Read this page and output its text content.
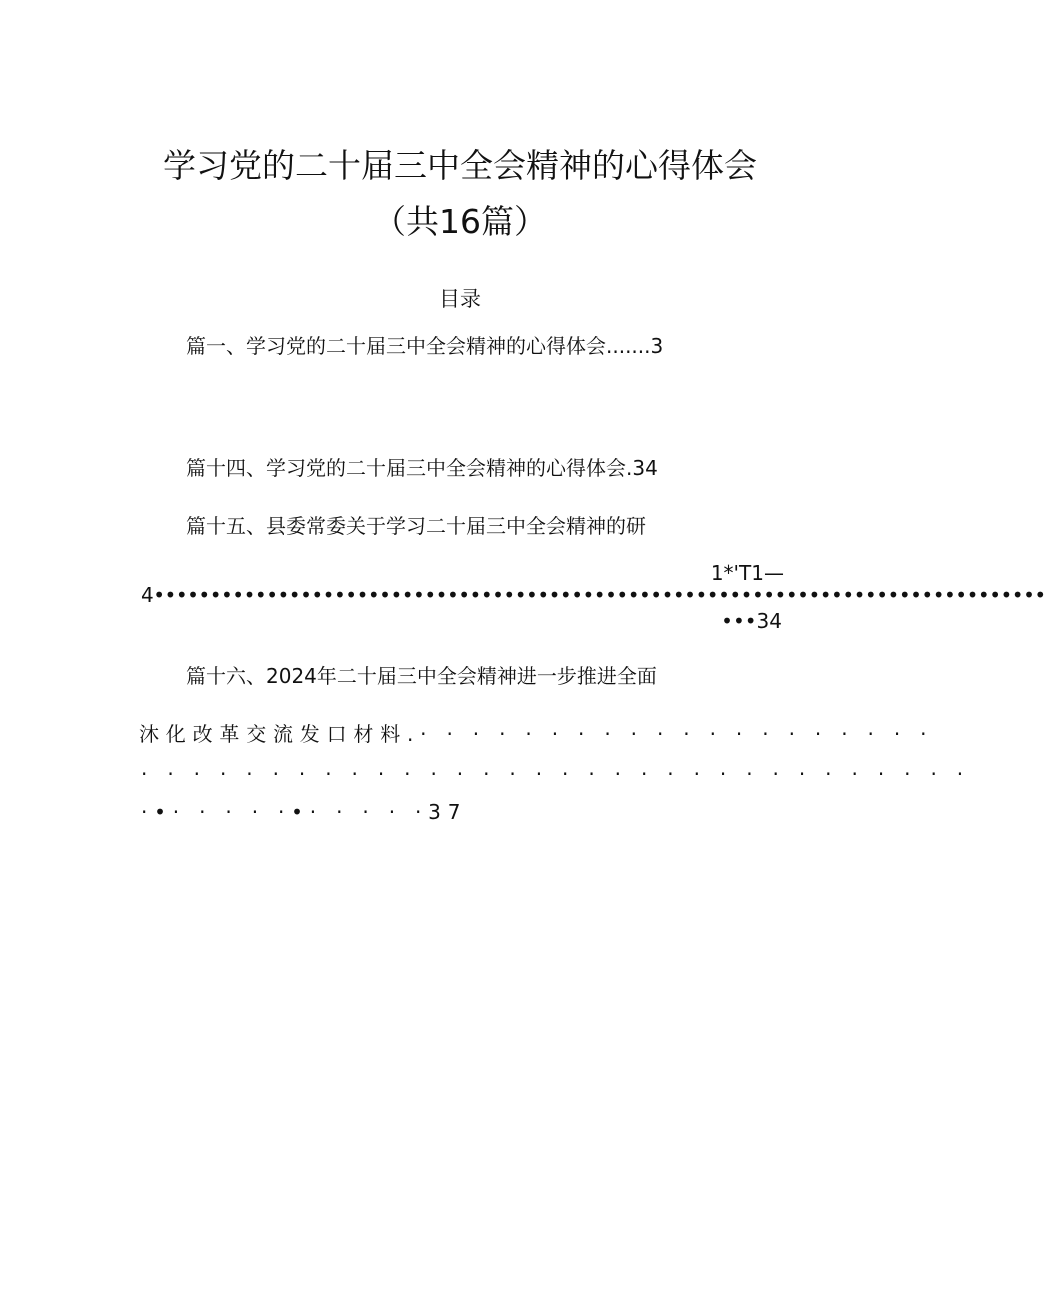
学习党的二十届三中全会精神的心得体会
（共16篇）
目录
篇一、学习党的二十届三中全会精神的心得体会.......3
篇十四、学习党的二十届三中全会精神的心得体会.34
篇十五、县委常委关于学习二十届三中全会精神的研
1*'T1—
4•••••••••••••••••••••••••••••••••••••••••••••••••••••••••••••••••••••••••••••••
•••34
篇十六、2024年二十届三中全会精神进一步推进全面
沐化改革交流发口材料.· · · · · · · · · · · · · · · · · · · ·
· · · · · · · · · · · · · · · · · · · · · · · · · · · · · · · ·
·•· · · · ·•· · · · ·37
